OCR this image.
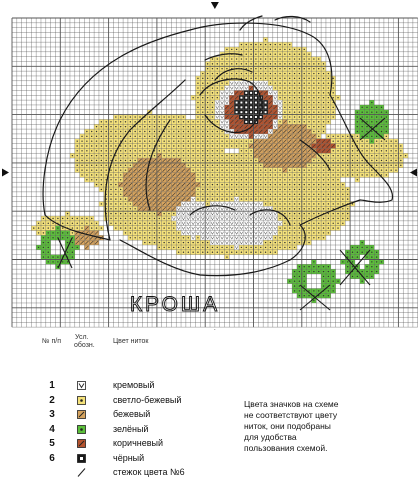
КРОША
№ п/п
Усл.
обозн.
Цвет ниток
1	кремовый
2	светло-бежевый
3	бежевый
4	зелёный
5	коричневый
6	чёрный
стежок цвета №6
Цвета значков на схеме
не соответствуют цвету
ниток, они подобраны
для удобства
пользования схемой.
